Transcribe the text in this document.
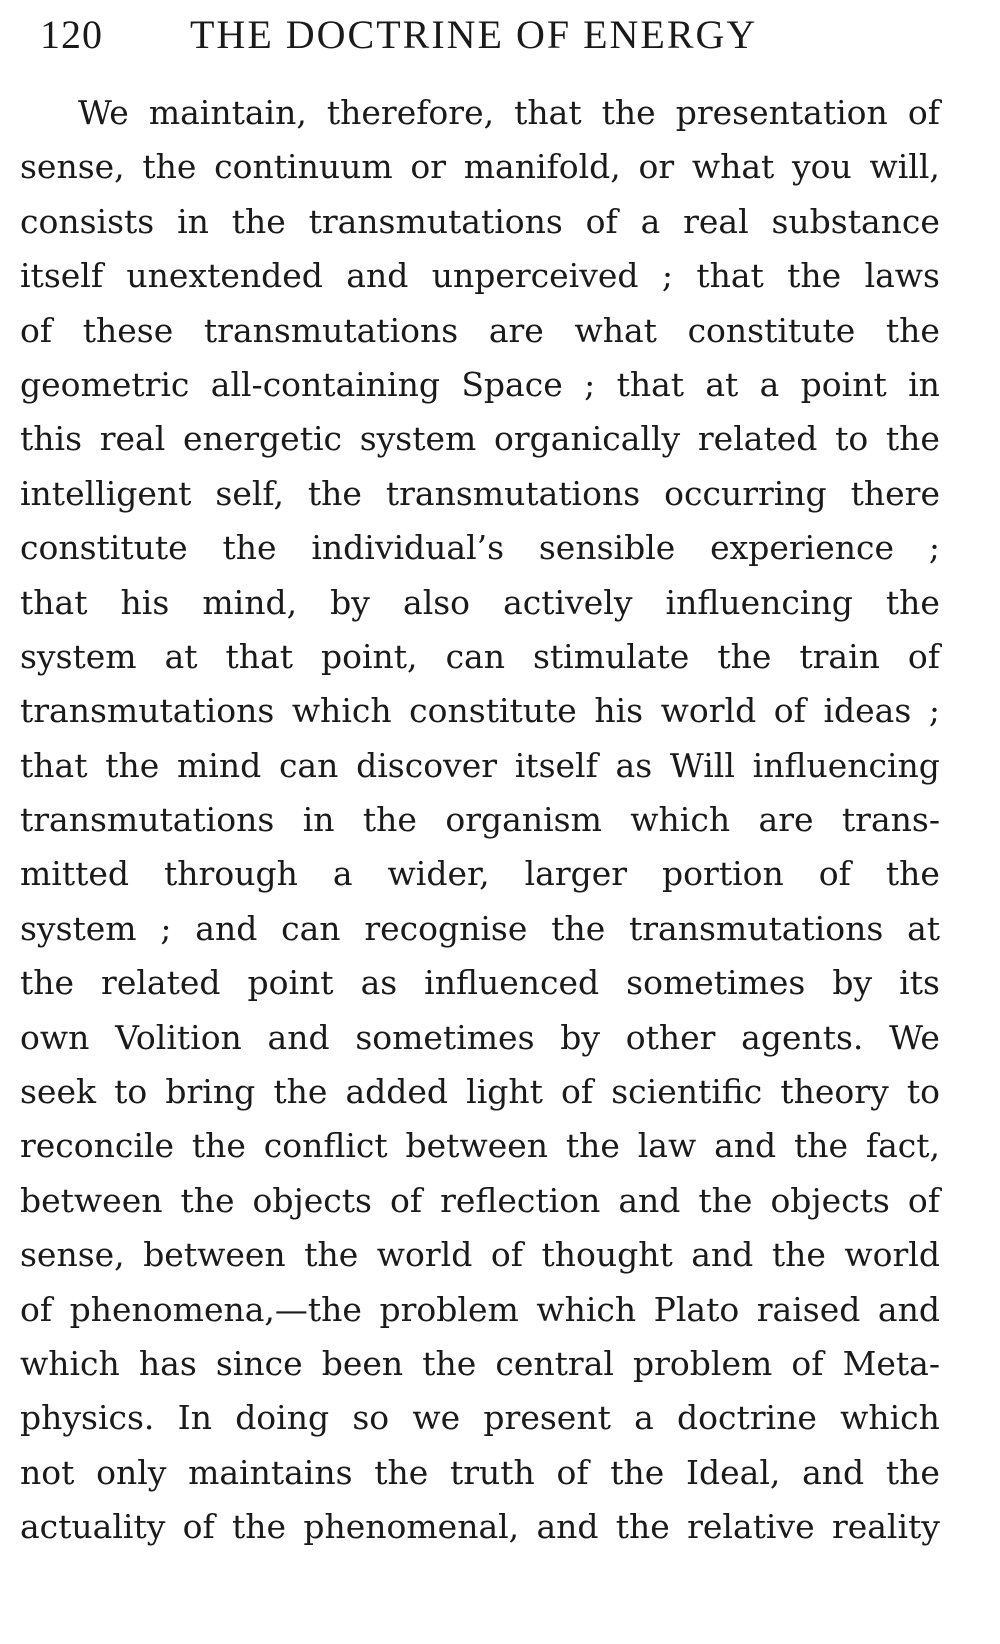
120 THE DOCTRINE OF ENERGY
We maintain, therefore, that the presentation of
sense, the continuum or manifold, or what you will,
consists in the transmutations of a real substance
itself unextended and unperceived ; that the laws
of these transmutations are what constitute the
geometric all-containing Space ; that at a point in
this real energetic system organically related to the
intelligent self, the transmutations occurring there
constitute the individual’s sensible experience ;
that his mind, by also actively influencing the
system at that point, can stimulate the train of
transmutations which constitute his world of ideas ;
that the mind can discover itself as Will influencing
transmutations in the organism which are trans-
mitted through a wider, larger portion of the
system ; and can recognise the transmutations at
the related point as influenced sometimes by its
own Volition and sometimes by other agents. We
seek to bring the added light of scientific theory to
reconcile the conflict between the law and the fact,
between the objects of reflection and the objects of
sense, between the world of thought and the world
of phenomena,—the problem which Plato raised and
which has since been the central problem of Meta-
physics. In doing so we present a doctrine which
not only maintains the truth of the Ideal, and the
actuality of the phenomenal, and the relative reality
